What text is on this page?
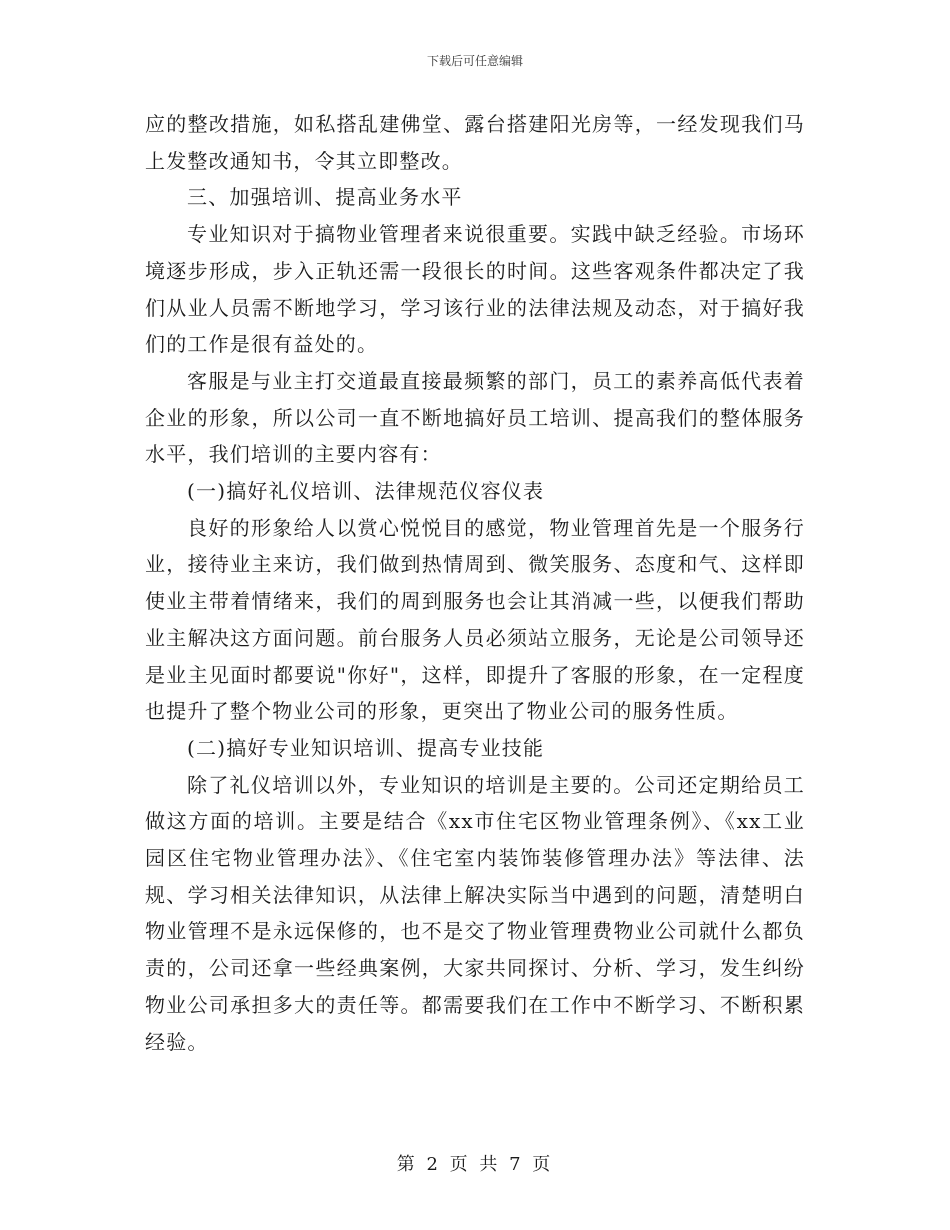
下载后可任意编辑

应的整改措施，如私搭乱建佛堂、露台搭建阳光房等，一经发现我们马上发整改通知书，令其立即整改。

三、加强培训、提高业务水平

专业知识对于搞物业管理者来说很重要。实践中缺乏经验。市场环境逐步形成，步入正轨还需一段很长的时间。这些客观条件都决定了我们从业人员需不断地学习，学习该行业的法律法规及动态，对于搞好我们的工作是很有益处的。

客服是与业主打交道最直接最频繁的部门，员工的素养高低代表着企业的形象，所以公司一直不断地搞好员工培训、提高我们的整体服务水平，我们培训的主要内容有：

(一)搞好礼仪培训、法律规范仪容仪表

良好的形象给人以赏心悦悦目的感觉，物业管理首先是一个服务行业，接待业主来访，我们做到热情周到、微笑服务、态度和气、这样即使业主带着情绪来，我们的周到服务也会让其消减一些，以便我们帮助业主解决这方面问题。前台服务人员必须站立服务，无论是公司领导还是业主见面时都要说"你好"，这样，即提升了客服的形象，在一定程度也提升了整个物业公司的形象，更突出了物业公司的服务性质。

(二)搞好专业知识培训、提高专业技能

除了礼仪培训以外，专业知识的培训是主要的。公司还定期给员工做这方面的培训。主要是结合《xx市住宅区物业管理条例》、《xx工业园区住宅物业管理办法》、《住宅室内装饰装修管理办法》等法律、法规、学习相关法律知识，从法律上解决实际当中遇到的问题，清楚明白物业管理不是永远保修的，也不是交了物业管理费物业公司就什么都负责的，公司还拿一些经典案例，大家共同探讨、分析、学习，发生纠纷物业公司承担多大的责任等。都需要我们在工作中不断学习、不断积累经验。

第 2 页 共 7 页
